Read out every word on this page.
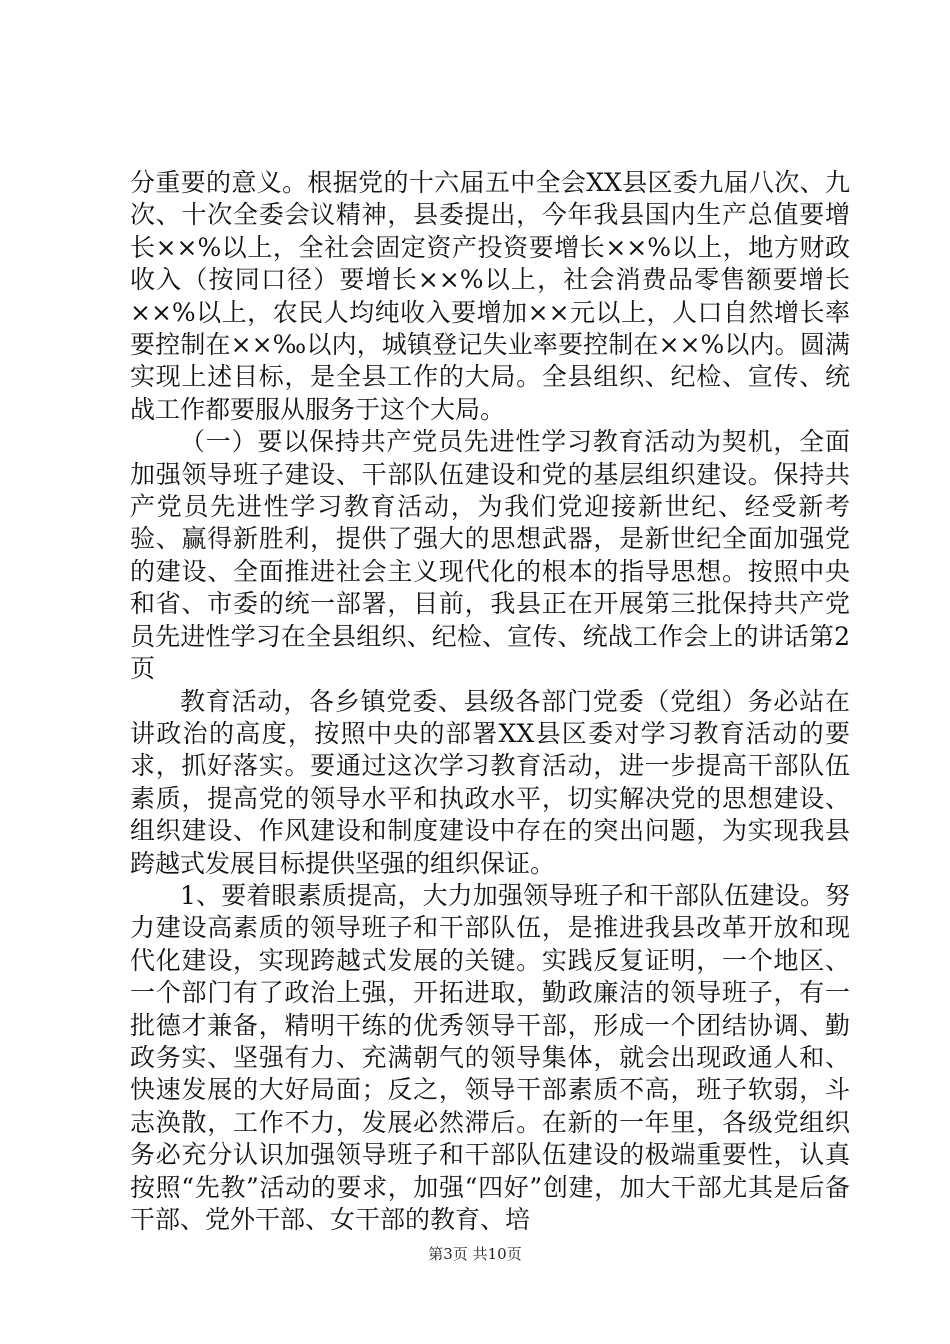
分重要的意义。根据党的十六届五中全会XX县区委九届八次、九次、十次全委会议精神，县委提出，今年我县国内生产总值要增长××%以上，全社会固定资产投资要增长××%以上，地方财政收入（按同口径）要增长××%以上，社会消费品零售额要增长××%以上，农民人均纯收入要增加××元以上，人口自然增长率要控制在××‰以内，城镇登记失业率要控制在××%以内。圆满实现上述目标，是全县工作的大局。全县组织、纪检、宣传、统战工作都要服从服务于这个大局。

（一）要以保持共产党员先进性学习教育活动为契机，全面加强领导班子建设、干部队伍建设和党的基层组织建设。保持共产党员先进性学习教育活动，为我们党迎接新世纪、经受新考验、赢得新胜利，提供了强大的思想武器，是新世纪全面加强党的建设、全面推进社会主义现代化的根本的指导思想。按照中央和省、市委的统一部署，目前，我县正在开展第三批保持共产党员先进性学习在全县组织、纪检、宣传、统战工作会上的讲话第2页

教育活动，各乡镇党委、县级各部门党委（党组）务必站在讲政治的高度，按照中央的部署XX县区委对学习教育活动的要求，抓好落实。要通过这次学习教育活动，进一步提高干部队伍素质，提高党的领导水平和执政水平，切实解决党的思想建设、组织建设、作风建设和制度建设中存在的突出问题，为实现我县跨越式发展目标提供坚强的组织保证。

1、要着眼素质提高，大力加强领导班子和干部队伍建设。努力建设高素质的领导班子和干部队伍，是推进我县改革开放和现代化建设，实现跨越式发展的关键。实践反复证明，一个地区、一个部门有了政治上强，开拓进取，勤政廉洁的领导班子，有一批德才兼备，精明干练的优秀领导干部，形成一个团结协调、勤政务实、坚强有力、充满朝气的领导集体，就会出现政通人和、快速发展的大好局面；反之，领导干部素质不高，班子软弱，斗志涣散，工作不力，发展必然滞后。在新的一年里，各级党组织务必充分认识加强领导班子和干部队伍建设的极端重要性，认真按照“先教”活动的要求，加强“四好”创建，加大干部尤其是后备干部、党外干部、女干部的教育、培

第3页 共10页
